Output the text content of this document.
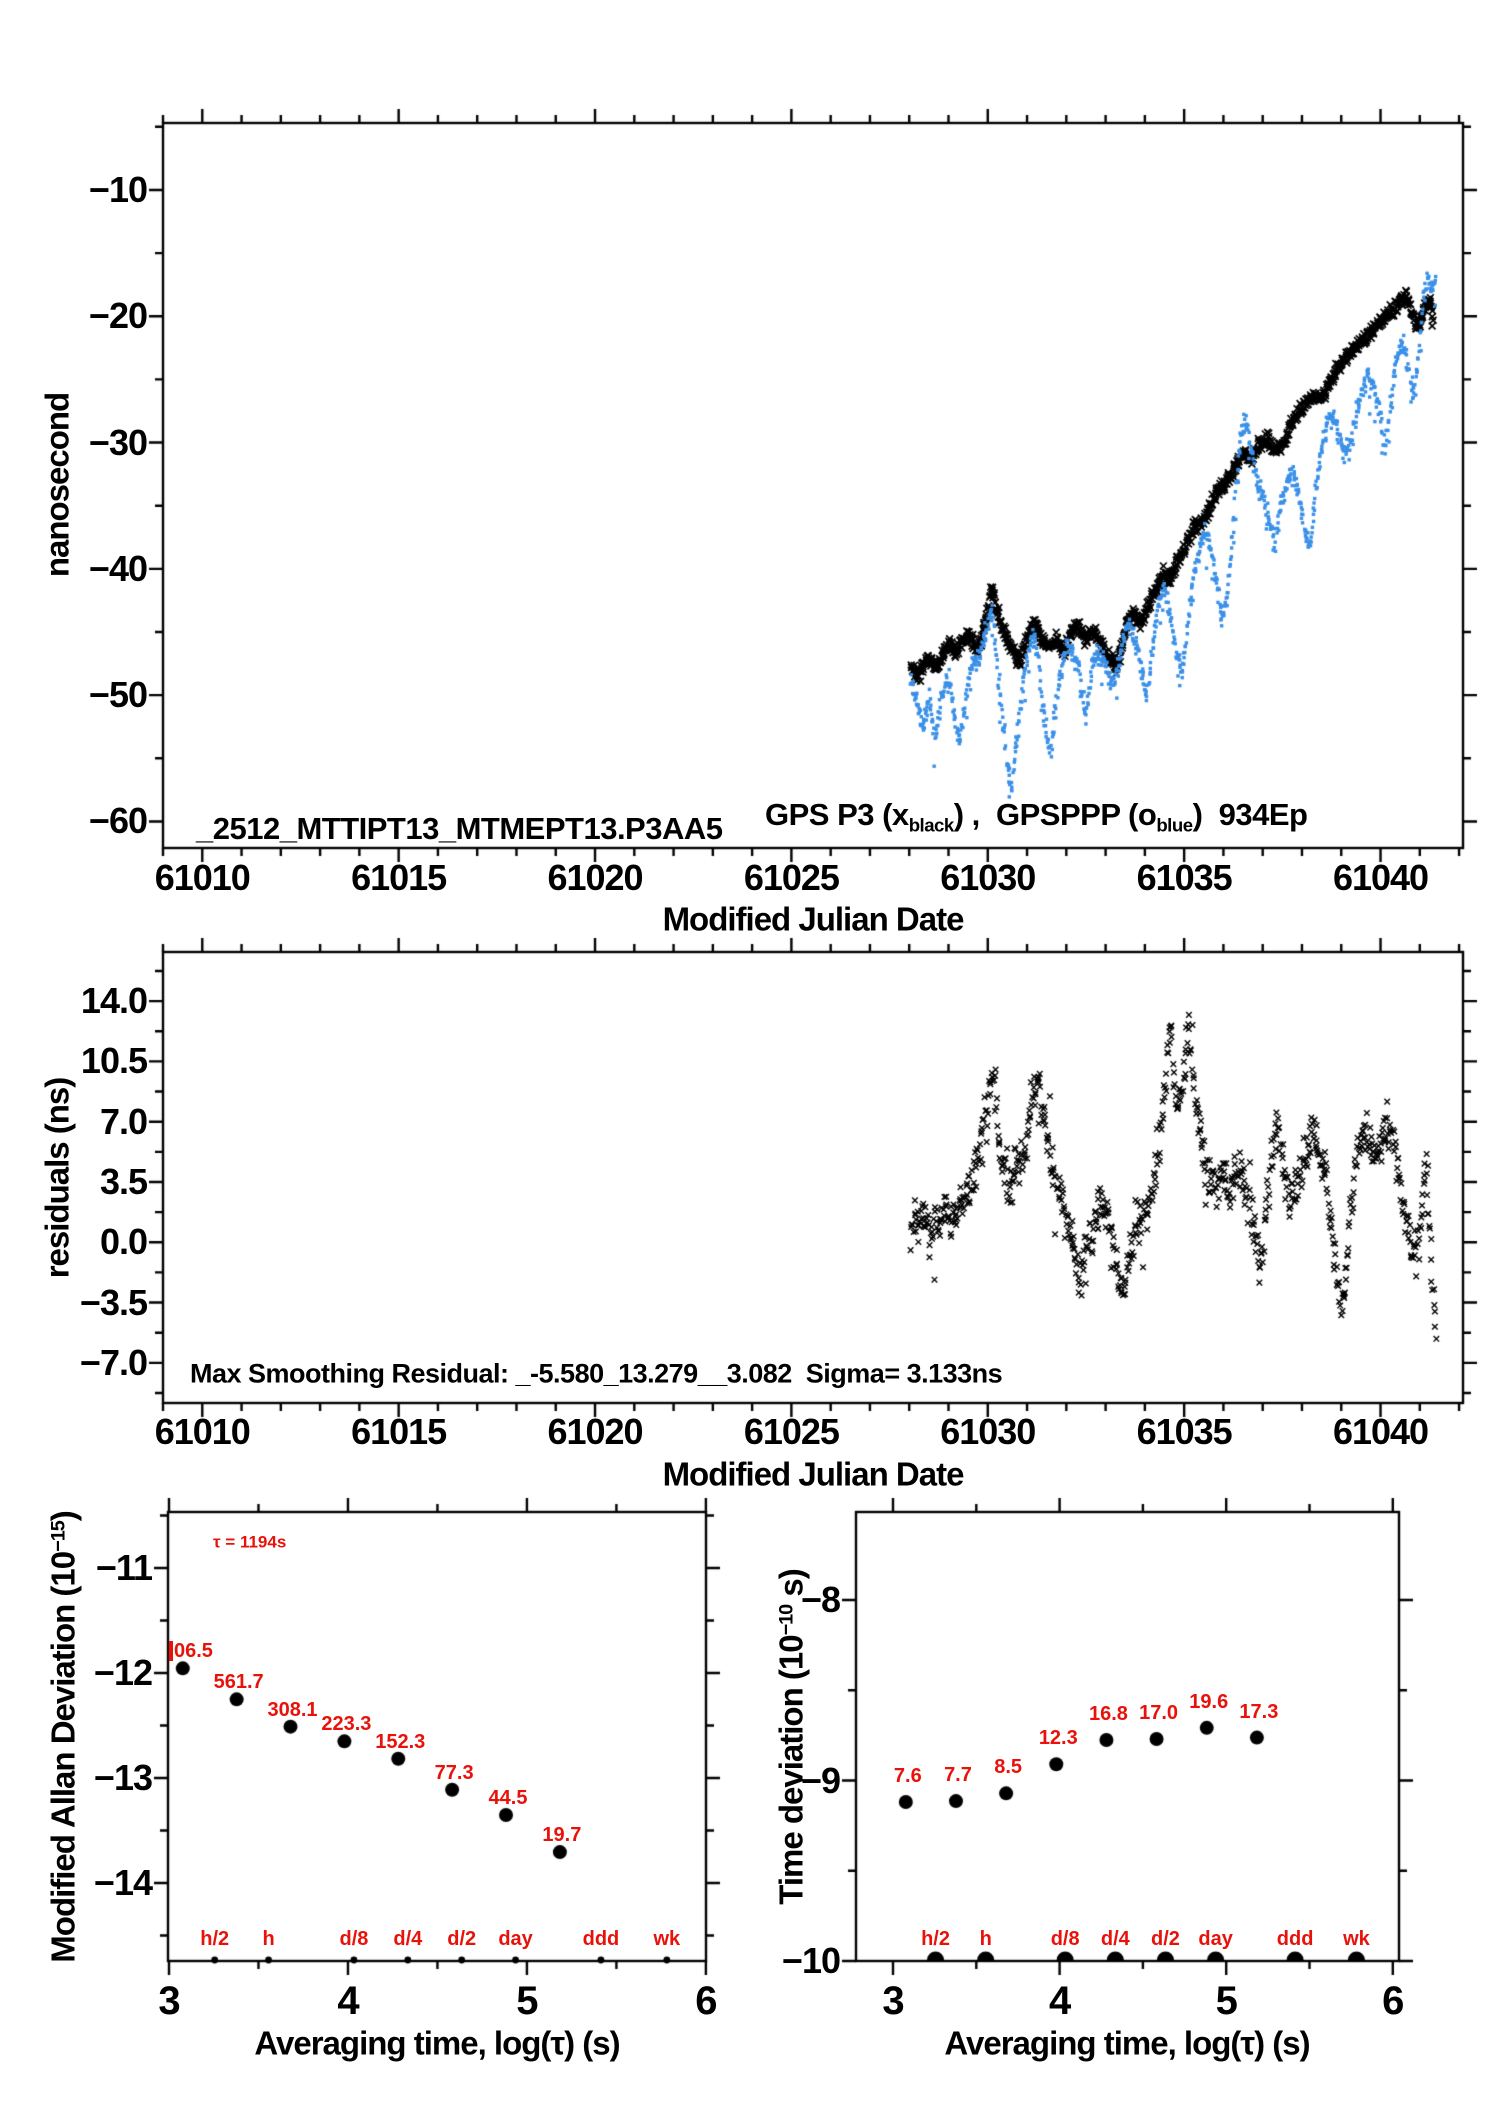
nanosecond
_2512_MTTIPT13_MTMEPT13.P3AA5 GPS P3 $(x_{black})$ ,  GPSPPP $(o_{blue})$  934Ep
Modified Julian Date
residuals (ns)
Max Smoothing Residual: _-5.580_13.279__3.082  Sigma= 3.133ns
Modified Julian Date
Modified Allan Deviation $(10^{-15})$
τ = 1194s
Averaging time, log(τ) (s)
Time deviation ($10^{-10}$ s)
Averaging time, log(τ) (s)
61010	61015	61020	61025	61030	61035	61040
−10
−20
−30
−40
−50
−60
61010	61015	61020	61025	61030	61035	61040
14.0
10.5
7.0
3.5
0.0
−3.5
−7.0
3	4	5	6
−11
−12
−13
−14
3	4	5	6
−8
−9
−10
06.5
561.7
308.1
223.3
152.3
77.3
44.5
19.7
h/2 h	d/8 d/4 d/2 day ddd wk
7.6 7.7 8.5
12.3
16.8 17.0
19.6 17.3
h/2 h	d/8 d/4 d/2 day ddd wk
